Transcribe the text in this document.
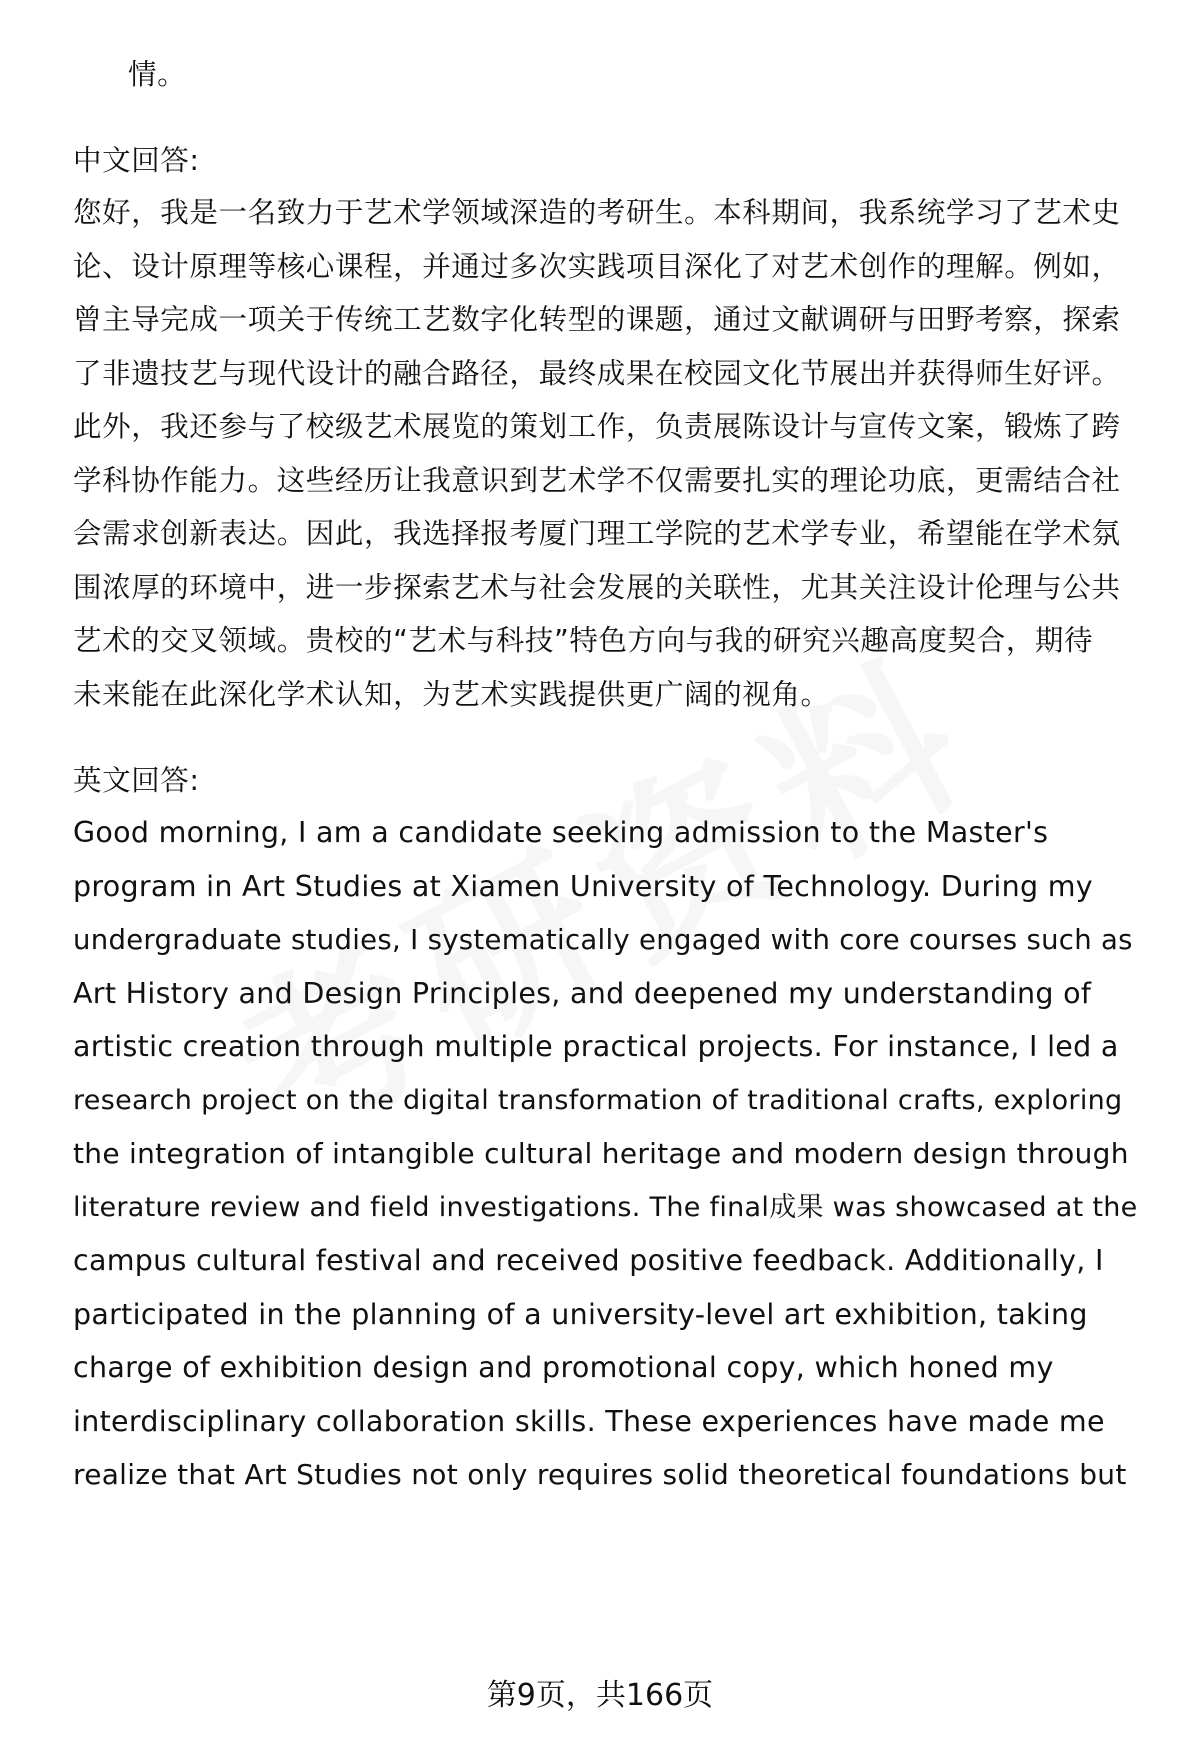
情。

中文回答:

您好，我是一名致力于艺术学领域深造的考研生。本科期间，我系统学习了艺术史

论、设计原理等核心课程，并通过多次实践项目深化了对艺术创作的理解。例如，

曾主导完成一项关于传统工艺数字化转型的课题，通过文献调研与田野考察，探索

了非遗技艺与现代设计的融合路径，最终成果在校园文化节展出并获得师生好评。

此外，我还参与了校级艺术展览的策划工作，负责展陈设计与宣传文案，锻炼了跨

学科协作能力。这些经历让我意识到艺术学不仅需要扎实的理论功底，更需结合社

会需求创新表达。因此，我选择报考厦门理工学院的艺术学专业，希望能在学术氛

围浓厚的环境中，进一步探索艺术与社会发展的关联性，尤其关注设计伦理与公共

艺术的交叉领域。贵校的“艺术与科技”特色方向与我的研究兴趣高度契合，期待

未来能在此深化学术认知，为艺术实践提供更广阔的视角。

英文回答:

Good morning, I am a candidate seeking admission to the Master's

program in Art Studies at Xiamen University of Technology. During my

undergraduate studies, I systematically engaged with core courses such as

Art History and Design Principles, and deepened my understanding of

artistic creation through multiple practical projects. For instance, I led a

research project on the digital transformation of traditional crafts, exploring

the integration of intangible cultural heritage and modern design through

literature review and field investigations. The final成果 was showcased at the

campus cultural festival and received positive feedback. Additionally, I

participated in the planning of a university-level art exhibition, taking

charge of exhibition design and promotional copy, which honed my

interdisciplinary collaboration skills. These experiences have made me

realize that Art Studies not only requires solid theoretical foundations but

第9页，共166页
